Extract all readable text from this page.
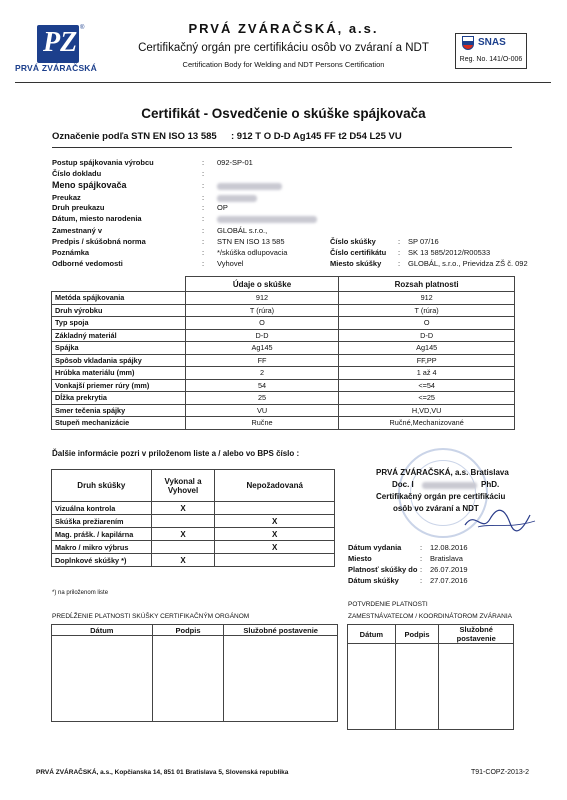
PZ ®
PRVÁ ZVÁRAČSKÁ
PRVÁ ZVÁRAČSKÁ, a.s.
Certifikačný orgán pre certifikáciu osôb vo zváraní a NDT
Certification Body for Welding and NDT Persons Certification
SNAS
Reg. No. 141/O-006
Certifikát - Osvedčenie o skúške spájkovača
Označenie podľa STN EN ISO 13 585 : 912 T O D-D Ag145 FF t2 D54 L25 VU
Postup spájkovania výrobcu	: 092-SP-01
Číslo dokladu	:
Meno spájkovača	:
Preukaz	:
Druh preukazu	: OP
Dátum, miesto narodenia	:
Zamestnaný v	: GLOBÁL s.r.o.,
Predpis / skúšobná norma	: STN EN ISO 13 585
Poznámka	: */skúška odlupovacia
Odborné vedomosti	: Vyhovel
Číslo skúšky	: SP 07/16
Číslo certifikátu : SK 13 585/2012/R00533
Miesto skúšky : GLOBÁL, s.r.o., Prievidza ZŠ č. 092
	Údaje o skúške	Rozsah platnosti
Metóda spájkovania	912	912
Druh výrobku	T (rúra)	T (rúra)
Typ spoja	O	O
Základný materiál	D-D	D-D
Spájka	Ag145	Ag145
Spôsob vkladania spájky	FF	FF,PP
Hrúbka materiálu (mm)	2	1 až 4
Vonkajší priemer rúry (mm)	54	<=54
Dĺžka prekrytia	25	<=25
Smer tečenia spájky	VU	H,VD,VU
Stupeň mechanizácie	Ručne	Ručné,Mechanizované
Ďalšie informácie pozri v priloženom liste a / alebo vo BPS číslo :
Druh skúšky	Vykonal a Vyhovel	Nepožadovaná
Vizuálna kontrola	X	
Skúška prežiarením		X
Mag. prášk. / kapilárna	X	X
Makro / mikro výbrus		X
Doplnkové skúšky *)	X	
*) na priloženom liste
PRVÁ ZVÁRAČSKÁ, a.s. Bratislava
Doc. I	PhD.
Certifikačný orgán pre certifikáciu
osôb vo zváraní a NDT
Dátum vydania : 12.08.2016
Miesto	: Bratislava
Platnosť skúšky do : 26.07.2019
Dátum skúšky	: 27.07.2016
PREDĹŽENIE PLATNOSTI SKÚŠKY CERTIFIKAČNÝM ORGÁNOM
Dátum	Podpis	Služobné postavenie

POTVRDENIE PLATNOSTI
ZAMESTNÁVATEĽOM / KOORDINÁTOROM ZVÁRANIA
Dátum	Podpis	Služobné postavenie

PRVÁ ZVÁRAČSKÁ, a.s., Kopčianska 14, 851 01 Bratislava 5, Slovenská republika	T91-COPZ-2013-2
